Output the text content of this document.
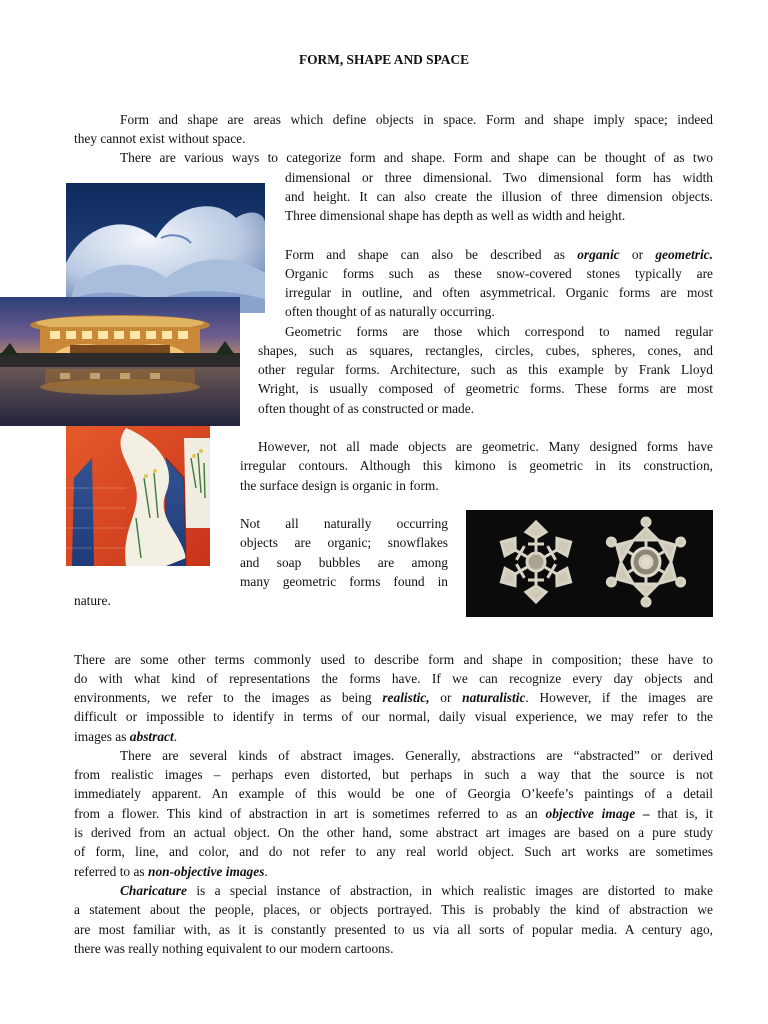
FORM, SHAPE AND SPACE
Form and shape are areas which define objects in space. Form and shape imply space; indeed
they cannot exist without space.
There are various ways to categorize form and shape. Form and shape can be thought of as two
dimensional or three dimensional. Two dimensional form has width
and height. It can also create the illusion of three dimension objects.
Three dimensional shape has depth as well as width and height.
Form and shape can also be described as organic or geometric.
Organic forms such as these snow-covered stones typically are
irregular in outline, and often asymmetrical. Organic forms are most
often thought of as naturally occurring.
Geometric forms are those which correspond to named regular
shapes, such as squares, rectangles, circles, cubes, spheres, cones, and
other regular forms. Architecture, such as this example by Frank Lloyd
Wright, is usually composed of geometric forms. These forms are most
often thought of as constructed or made.
However, not all made objects are geometric. Many designed forms have
irregular contours. Although this kimono is geometric in its construction,
the surface design is organic in form.
Not all naturally occurring
objects are organic; snowflakes
and soap bubbles are among
many geometric forms found in
nature.
There are some other terms commonly used to describe form and shape in composition; these have to
do with what kind of representations the forms have. If we can recognize every day objects and
environments, we refer to the images as being realistic, or naturalistic. However, if the images are
difficult or impossible to identify in terms of our normal, daily visual experience, we may refer to the
images as abstract.
There are several kinds of abstract images. Generally, abstractions are “abstracted” or derived
from realistic images – perhaps even distorted, but perhaps in such a way that the source is not
immediately apparent. An example of this would be one of Georgia O’keefe’s paintings of a detail
from a flower. This kind of abstraction in art is sometimes referred to as an objective image – that is, it
is derived from an actual object. On the other hand, some abstract art images are based on a pure study
of form, line, and color, and do not refer to any real world object. Such art works are sometimes
referred to as non-objective images.
Charicature is a special instance of abstraction, in which realistic images are distorted to make
a statement about the people, places, or objects portrayed. This is probably the kind of abstraction we
are most familiar with, as it is constantly presented to us via all sorts of popular media. A century ago,
there was really nothing equivalent to our modern cartoons.
